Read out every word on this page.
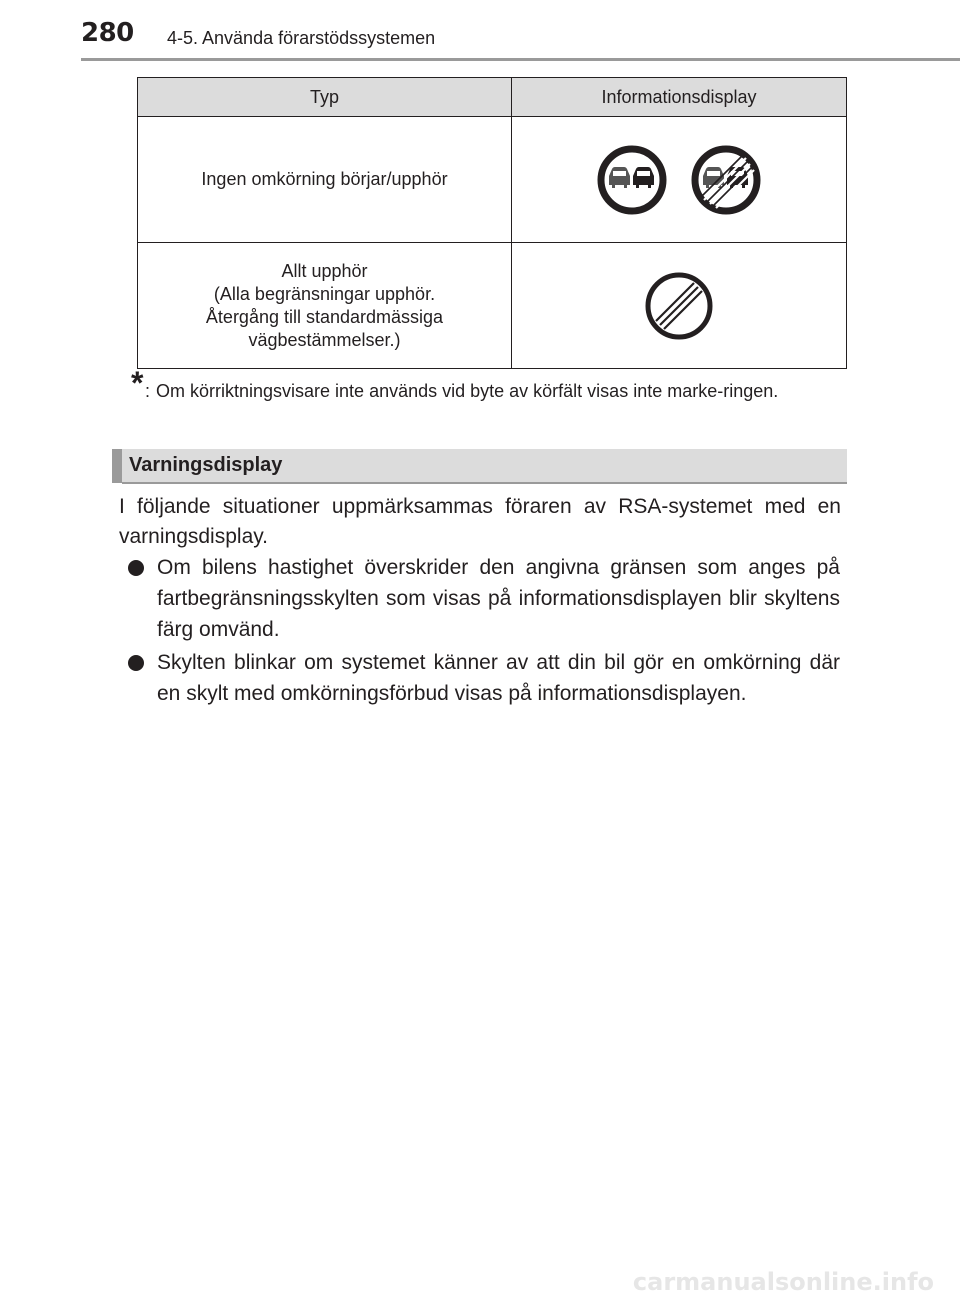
280 4-5. Använda förarstödssystemen
Typ	Informationsdisplay

Ingen omkörning börjar/upphör

Allt upphör
(Alla begränsningar upphör.
Återgång till standardmässiga
vägbestämmelser.)

* : Om körriktningsvisare inte används vid byte av körfält visas inte marke-ringen.
Varningsdisplay
I följande situationer uppmärksammas föraren av RSA-systemet med en varningsdisplay.
Om bilens hastighet överskrider den angivna gränsen som anges på fartbegränsningsskylten som visas på informationsdisplayen blir skyltens färg omvänd.
Skylten blinkar om systemet känner av att din bil gör en omkörning där en skylt med omkörningsförbud visas på informationsdisplayen.
carmanualsonline.info
